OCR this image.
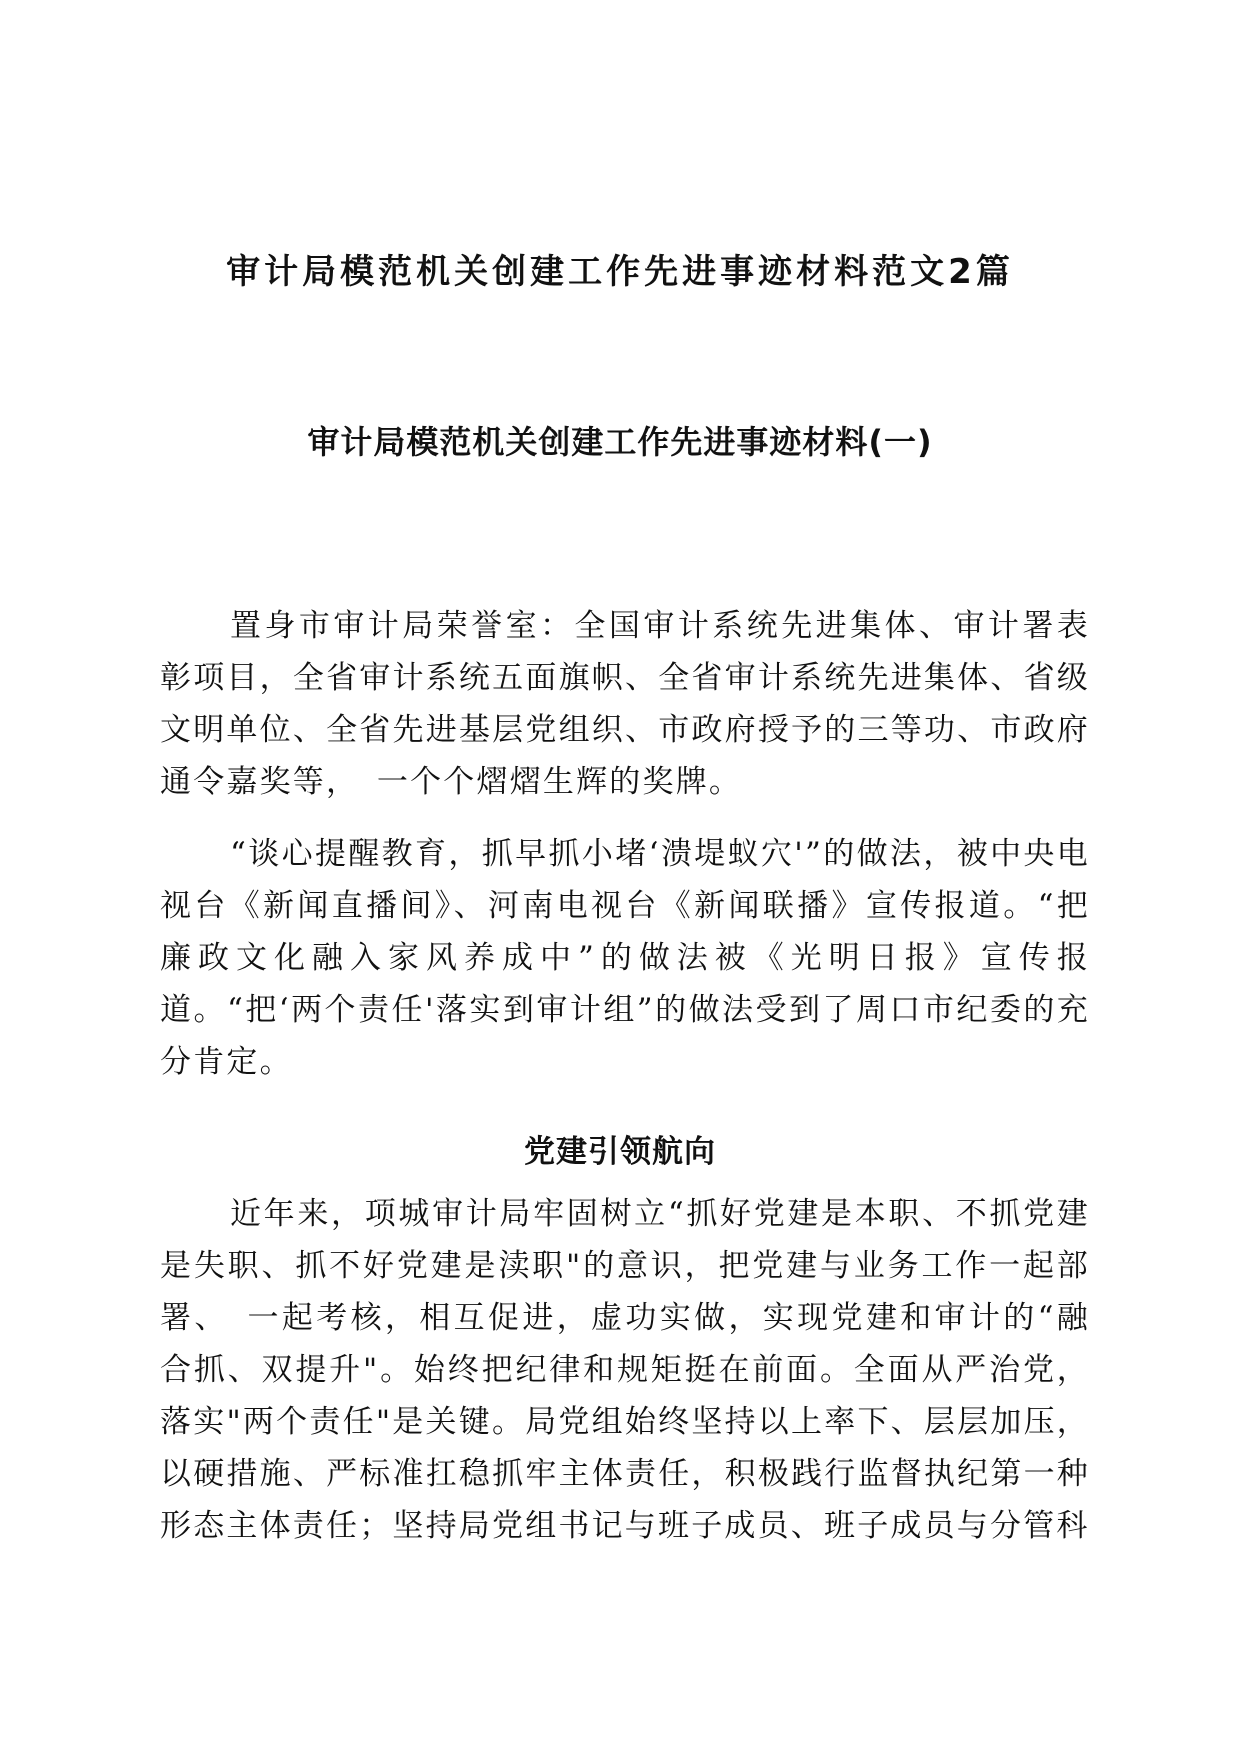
审计局模范机关创建工作先进事迹材料范文2篇
审计局模范机关创建工作先进事迹材料(一)

置身市审计局荣誉室：全国审计系统先进集体、审计署表彰项目，全省审计系统五面旗帜、全省审计系统先进集体、省级文明单位、全省先进基层党组织、市政府授予的三等功、市政府通令嘉奖等，　一个个熠熠生辉的奖牌。

“谈心提醒教育，抓早抓小堵‘溃堤蚁穴'”的做法，被中央电视台《新闻直播间》、河南电视台《新闻联播》宣传报道。“把廉政文化融入家风养成中”的做法被《光明日报》宣传报道。“把‘两个责任'落实到审计组”的做法受到了周口市纪委的充分肯定。

党建引领航向

近年来，项城审计局牢固树立“抓好党建是本职、不抓党建是失职、抓不好党建是渎职"的意识，把党建与业务工作一起部署、　一起考核，相互促进，虚功实做，实现党建和审计的“融合抓、双提升"。始终把纪律和规矩挺在前面。全面从严治党，落实"两个责任"是关键。局党组始终坚持以上率下、层层加压，以硬措施、严标准扛稳抓牢主体责任，积极践行监督执纪第一种形态主体责任；坚持局党组书记与班子成员、班子成员与分管科
